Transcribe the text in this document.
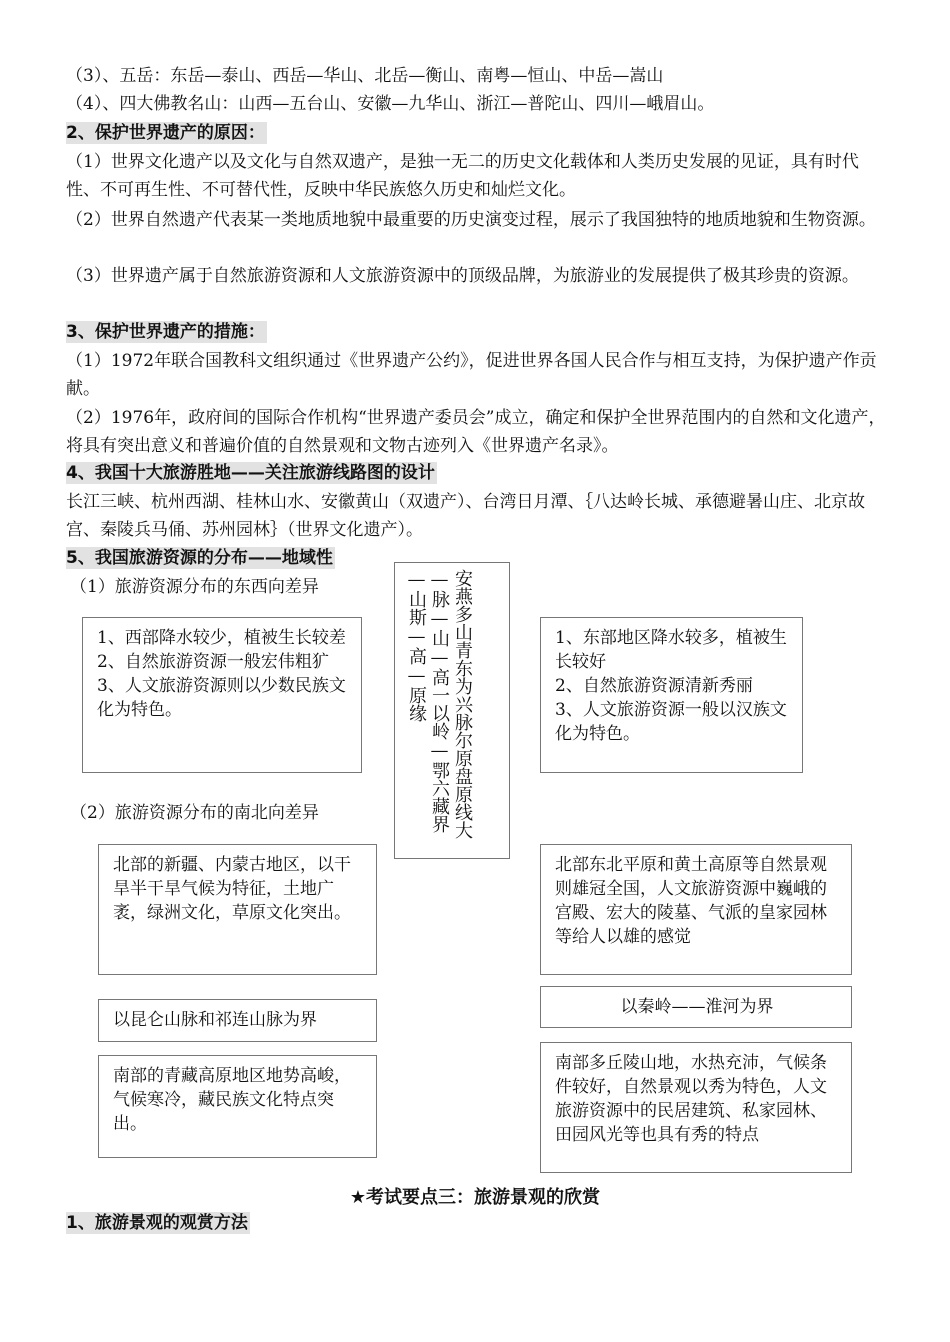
（3）、五岳：东岳—泰山、西岳—华山、北岳—衡山、南粤—恒山、中岳—嵩山
（4）、四大佛教名山：山西—五台山、安徽—九华山、浙江—普陀山、四川—峨眉山。
2、保护世界遗产的原因：
（1）世界文化遗产以及文化与自然双遗产，是独一无二的历史文化载体和人类历史发展的见证，具有时代性、不可再生性、不可替代性，反映中华民族悠久历史和灿烂文化。
（2）世界自然遗产代表某一类地质地貌中最重要的历史演变过程，展示了我国独特的地质地貌和生物资源。
（3）世界遗产属于自然旅游资源和人文旅游资源中的顶级品牌，为旅游业的发展提供了极其珍贵的资源。
3、保护世界遗产的措施：
（1）1972年联合国教科文组织通过《世界遗产公约》，促进世界各国人民合作与相互支持，为保护遗产作贡献。
（2）1976年，政府间的国际合作机构“世界遗产委员会”成立，确定和保护全世界范围内的自然和文化遗产，将具有突出意义和普遍价值的自然景观和文物古迹列入《世界遗产名录》。
4、我国十大旅游胜地——关注旅游线路图的设计
长江三峡、杭州西湖、桂林山水、安徽黄山（双遗产）、台湾日月潭、｛八达岭长城、承德避暑山庄、北京故宫、秦陵兵马俑、苏州园林｝（世界文化遗产）。
5、我国旅游资源的分布——地域性
（1）旅游资源分布的东西向差异
1、西部降水较少，植被生长较差
2、自然旅游资源一般宏伟粗犷
3、人文旅游资源则以少数民族文化为特色。	安燕多山青东为兴脉尔原盘原线大—脉—山—高一以岭—鄂六藏界—山斯—高—原缘	1、东部地区降水较多，植被生长较好
2、自然旅游资源清新秀丽
3、人文旅游资源一般以汉族文化为特色。
（2）旅游资源分布的南北向差异
北部的新疆、内蒙古地区，以干旱半干旱气候为特征，土地广袤，绿洲文化，草原文化突出。
北部东北平原和黄土高原等自然景观则雄冠全国，人文旅游资源中巍峨的宫殿、宏大的陵墓、气派的皇家园林等给人以雄的感觉
以昆仑山脉和祁连山脉为界
以秦岭——淮河为界
南部的青藏高原地区地势高峻，气候寒冷，藏民族文化特点突出。
南部多丘陵山地，水热充沛，气候条件较好，自然景观以秀为特色，人文旅游资源中的民居建筑、私家园林、田园风光等也具有秀的特点
★考试要点三：旅游景观的欣赏
1、旅游景观的观赏方法
